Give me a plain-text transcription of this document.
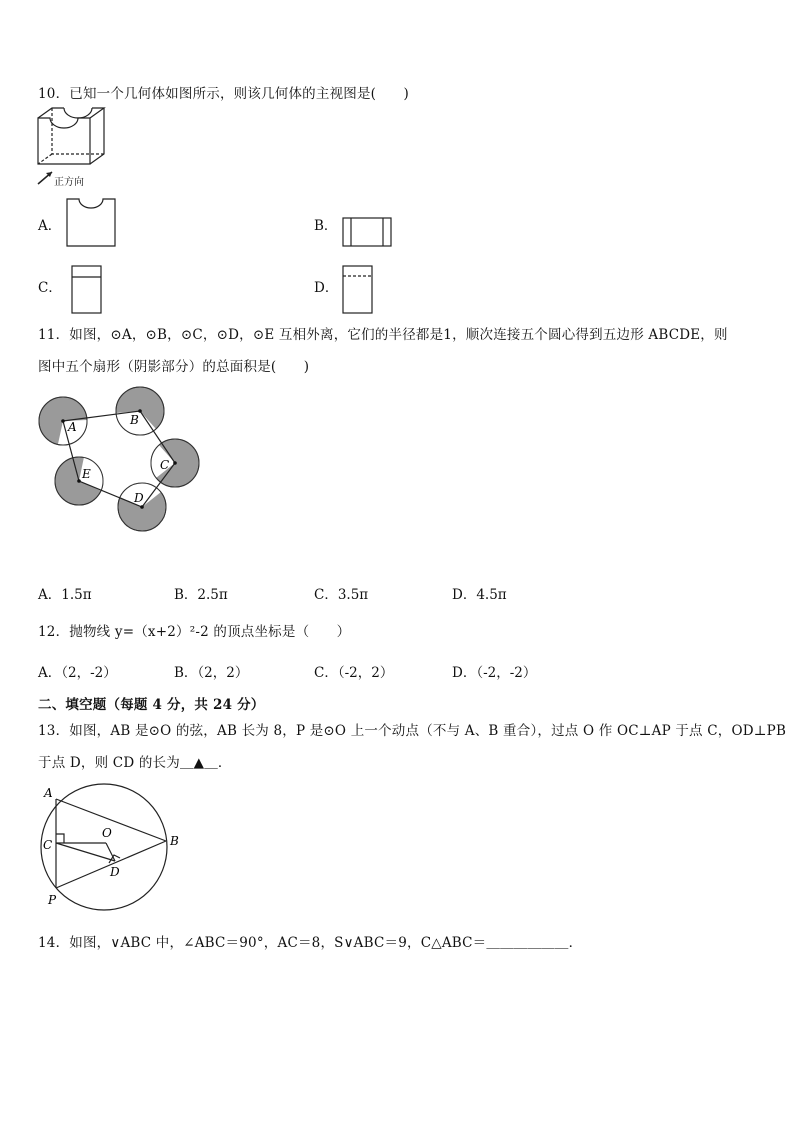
10．已知一个几何体如图所示，则该几何体的主视图是(　　)
正方向
A．	B．
C．	D．
11．如图，⊙A，⊙B，⊙C，⊙D，⊙E 互相外离，它们的半径都是1，顺次连接五个圆心得到五边形 ABCDE，则
图中五个扇形（阴影部分）的总面积是(　　)
A	B
C
D
E
A．1.5π	B．2.5π	C．3.5π	D．4.5π
12．抛物线 y=（x+2）²-2 的顶点坐标是（　　）
A．（2，-2）	B．（2，2）	C．（-2，2）	D．（-2，-2）
二、填空题（每题 4 分，共 24 分）
13．如图，AB 是⊙O 的弦，AB 长为 8，P 是⊙O 上一个动点（不与 A、B 重合），过点 O 作 OC⊥AP 于点 C，OD⊥PB
于点 D，则 CD 的长为＿▲＿．
A
B
C
D
O
P
14．如图，∨ABC 中，∠ABC＝90°，AC＝8，S∨ABC＝9，C△ABC＝＿＿＿＿＿＿．
